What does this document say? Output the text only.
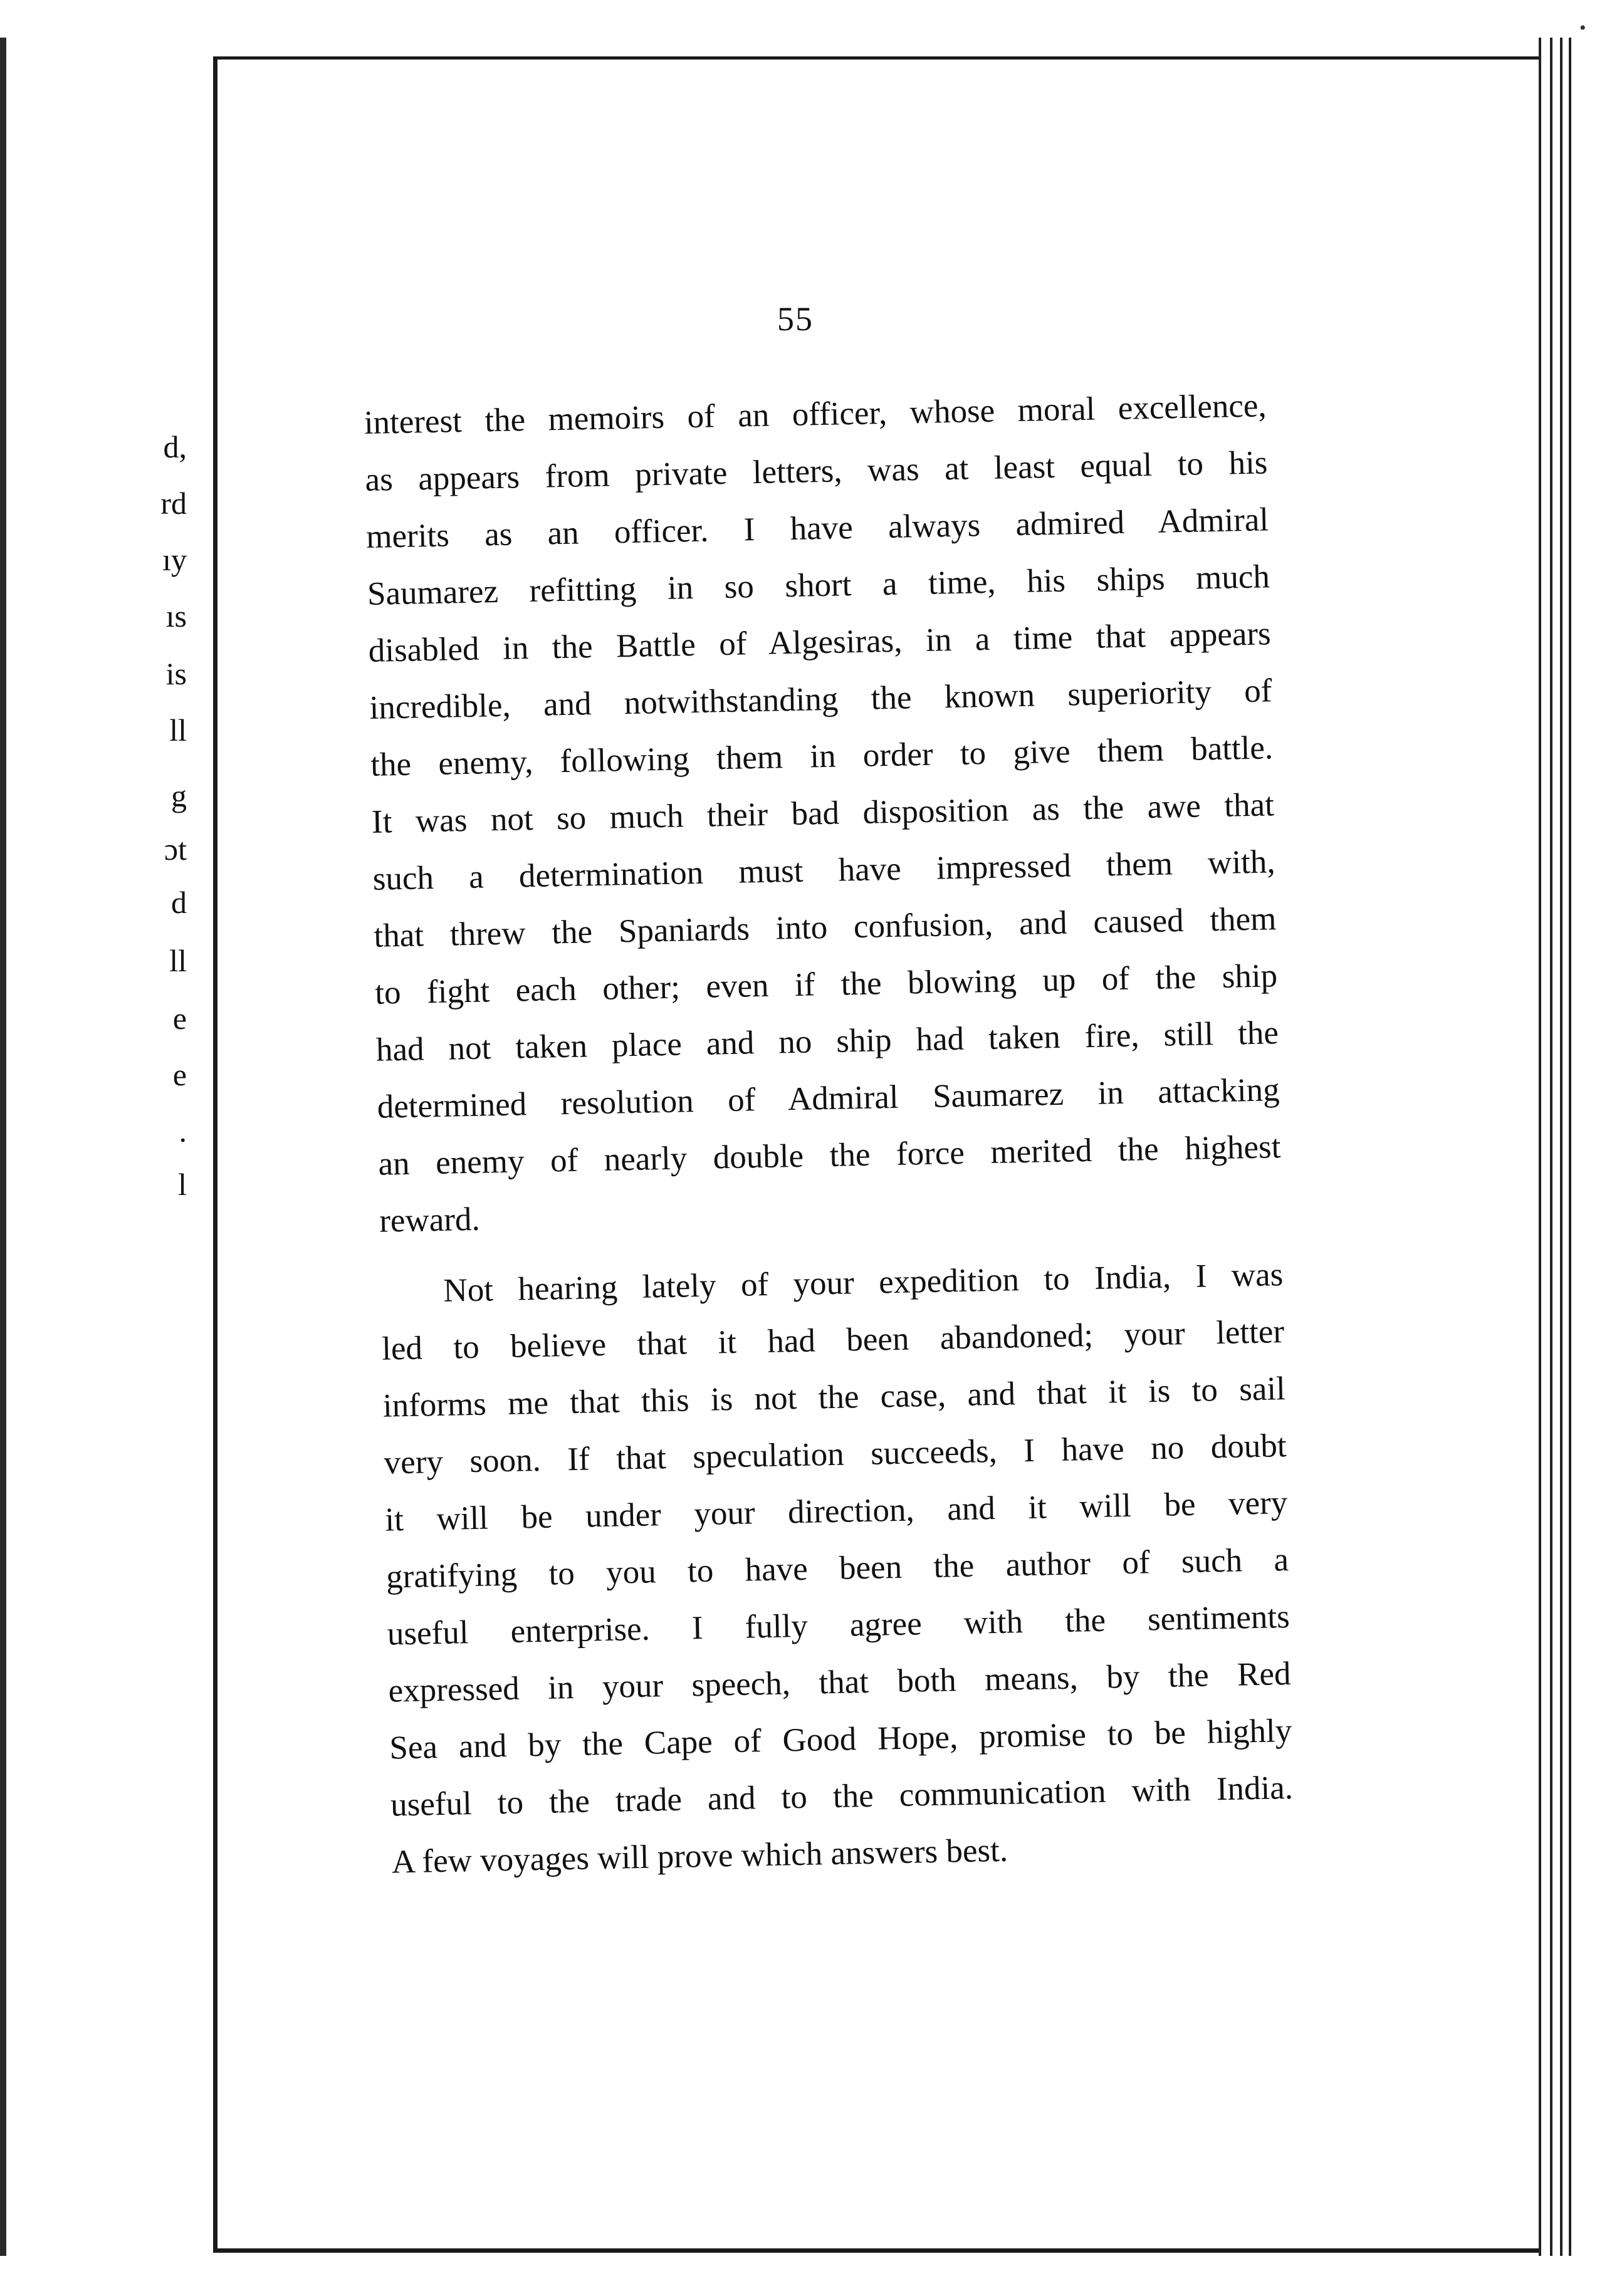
d,
rd
ıy
ıs
is
ll
g
ɔt
d
ll
e
e
.
l
•
55
interest the memoirs of an officer, whose moral excellence,
as appears from private letters, was at least equal to his
merits as an officer. I have always admired Admiral
Saumarez refitting in so short a time, his ships much
disabled in the Battle of Algesiras, in a time that appears
incredible, and notwithstanding the known superiority of
the enemy, following them in order to give them battle.
It was not so much their bad disposition as the awe that
such a determination must have impressed them with,
that threw the Spaniards into confusion, and caused them
to fight each other; even if the blowing up of the ship
had not taken place and no ship had taken fire, still the
determined resolution of Admiral Saumarez in attacking
an enemy of nearly double the force merited the highest
reward.
Not hearing lately of your expedition to India, I was
led to believe that it had been abandoned; your letter
informs me that this is not the case, and that it is to sail
very soon. If that speculation succeeds, I have no doubt
it will be under your direction, and it will be very
gratifying to you to have been the author of such a
useful enterprise. I fully agree with the sentiments
expressed in your speech, that both means, by the Red
Sea and by the Cape of Good Hope, promise to be highly
useful to the trade and to the communication with India.
A few voyages will prove which answers best.
